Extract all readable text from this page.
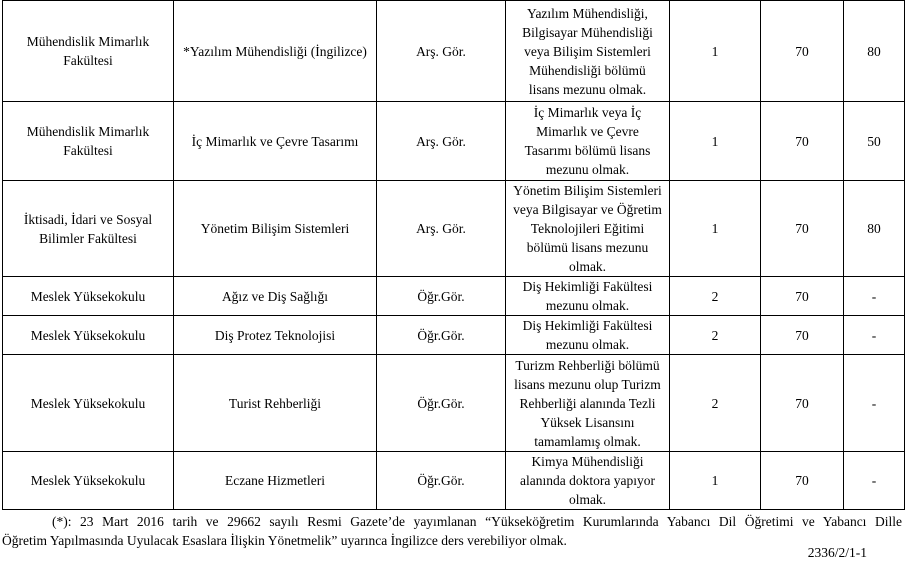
Mühendislik Mimarlık Fakültesi	*Yazılım Mühendisliği (İngilizce)	Arş. Gör.	Yazılım Mühendisliği,
Bilgisayar Mühendisliği
veya Bilişim Sistemleri
Mühendisliği bölümü
lisans mezunu olmak.	1	70	80
Mühendislik Mimarlık Fakültesi	İç Mimarlık ve Çevre Tasarımı	Arş. Gör.	İç Mimarlık veya İç
Mimarlık ve Çevre
Tasarımı bölümü lisans
mezunu olmak.	1	70	50
İktisadi, İdari ve Sosyal Bilimler Fakültesi	Yönetim Bilişim Sistemleri	Arş. Gör.	Yönetim Bilişim Sistemleri
veya Bilgisayar ve Öğretim
Teknolojileri Eğitimi
bölümü lisans mezunu
olmak.	1	70	80
Meslek Yüksekokulu	Ağız ve Diş Sağlığı	Öğr.Gör.	Diş Hekimliği Fakültesi
mezunu olmak.	2	70	-
Meslek Yüksekokulu	Diş Protez Teknolojisi	Öğr.Gör.	Diş Hekimliği Fakültesi
mezunu olmak.	2	70	-
Meslek Yüksekokulu	Turist Rehberliği	Öğr.Gör.	Turizm Rehberliği bölümü
lisans mezunu olup Turizm
Rehberliği alanında Tezli
Yüksek Lisansını
tamamlamış olmak.	2	70	-
Meslek Yüksekokulu	Eczane Hizmetleri	Öğr.Gör.	Kimya Mühendisliği
alanında doktora yapıyor
olmak.	1	70	-
(*): 23 Mart 2016 tarih ve 29662 sayılı Resmi Gazete’de yayımlanan “Yükseköğretim Kurumlarında Yabancı Dil Öğretimi ve Yabancı Dille
Öğretim Yapılmasında Uyulacak Esaslara İlişkin Yönetmelik” uyarınca İngilizce ders verebiliyor olmak.
2336/2/1-1
